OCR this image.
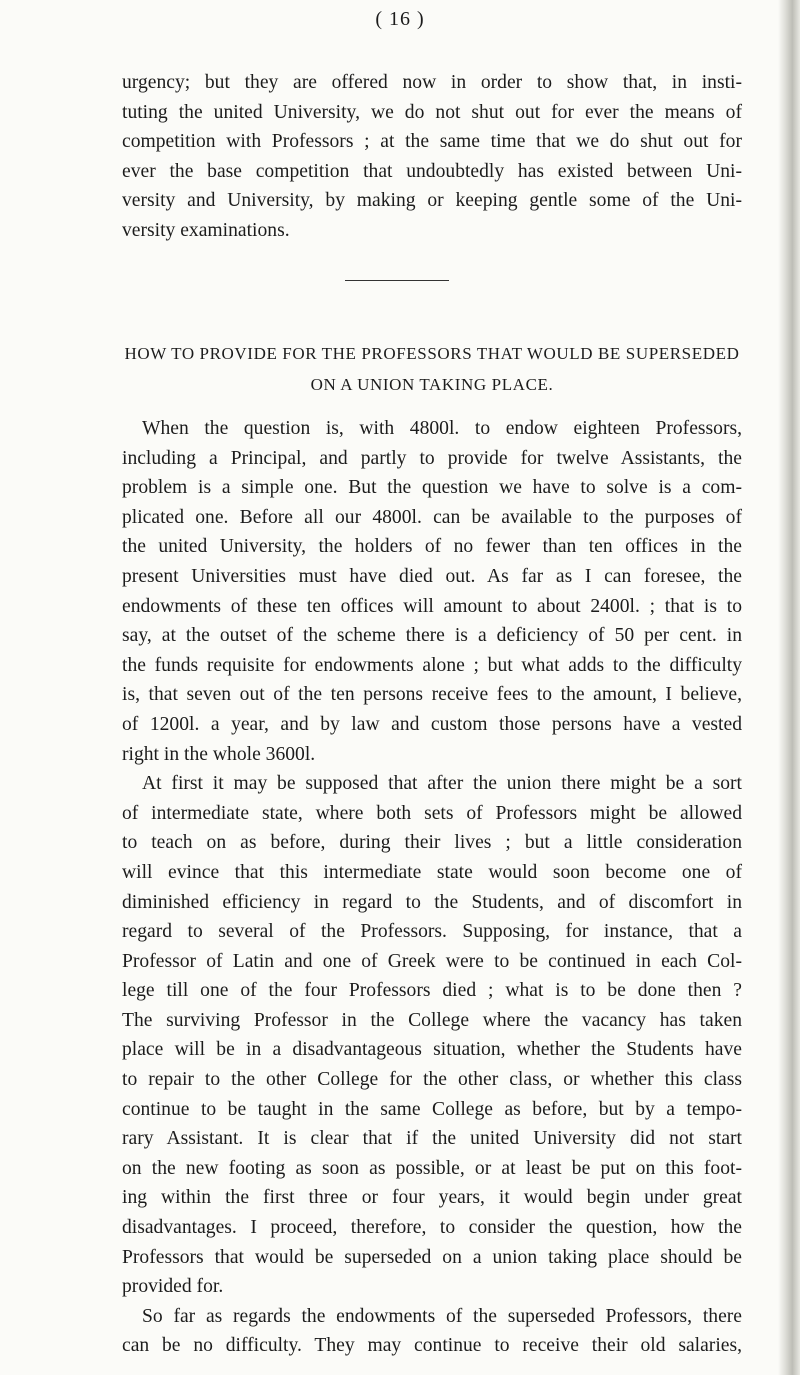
( 16 )
urgency; but they are offered now in order to show that, in insti-
tuting the united University, we do not shut out for ever the means of
competition with Professors ; at the same time that we do shut out for
ever the base competition that undoubtedly has existed between Uni-
versity and University, by making or keeping gentle some of the Uni-
versity examinations.
HOW TO PROVIDE FOR THE PROFESSORS THAT WOULD BE SUPERSEDED
ON A UNION TAKING PLACE.
When the question is, with 4800l. to endow eighteen Professors,
including a Principal, and partly to provide for twelve Assistants, the
problem is a simple one. But the question we have to solve is a com-
plicated one. Before all our 4800l. can be available to the purposes of
the united University, the holders of no fewer than ten offices in the
present Universities must have died out. As far as I can foresee, the
endowments of these ten offices will amount to about 2400l. ; that is to
say, at the outset of the scheme there is a deficiency of 50 per cent. in
the funds requisite for endowments alone ; but what adds to the difficulty
is, that seven out of the ten persons receive fees to the amount, I believe,
of 1200l. a year, and by law and custom those persons have a vested
right in the whole 3600l.
At first it may be supposed that after the union there might be a sort
of intermediate state, where both sets of Professors might be allowed
to teach on as before, during their lives ; but a little consideration
will evince that this intermediate state would soon become one of
diminished efficiency in regard to the Students, and of discomfort in
regard to several of the Professors. Supposing, for instance, that a
Professor of Latin and one of Greek were to be continued in each Col-
lege till one of the four Professors died ; what is to be done then ?
The surviving Professor in the College where the vacancy has taken
place will be in a disadvantageous situation, whether the Students have
to repair to the other College for the other class, or whether this class
continue to be taught in the same College as before, but by a tempo-
rary Assistant. It is clear that if the united University did not start
on the new footing as soon as possible, or at least be put on this foot-
ing within the first three or four years, it would begin under great
disadvantages. I proceed, therefore, to consider the question, how the
Professors that would be superseded on a union taking place should be
provided for.
So far as regards the endowments of the superseded Professors, there
can be no difficulty. They may continue to receive their old salaries,
